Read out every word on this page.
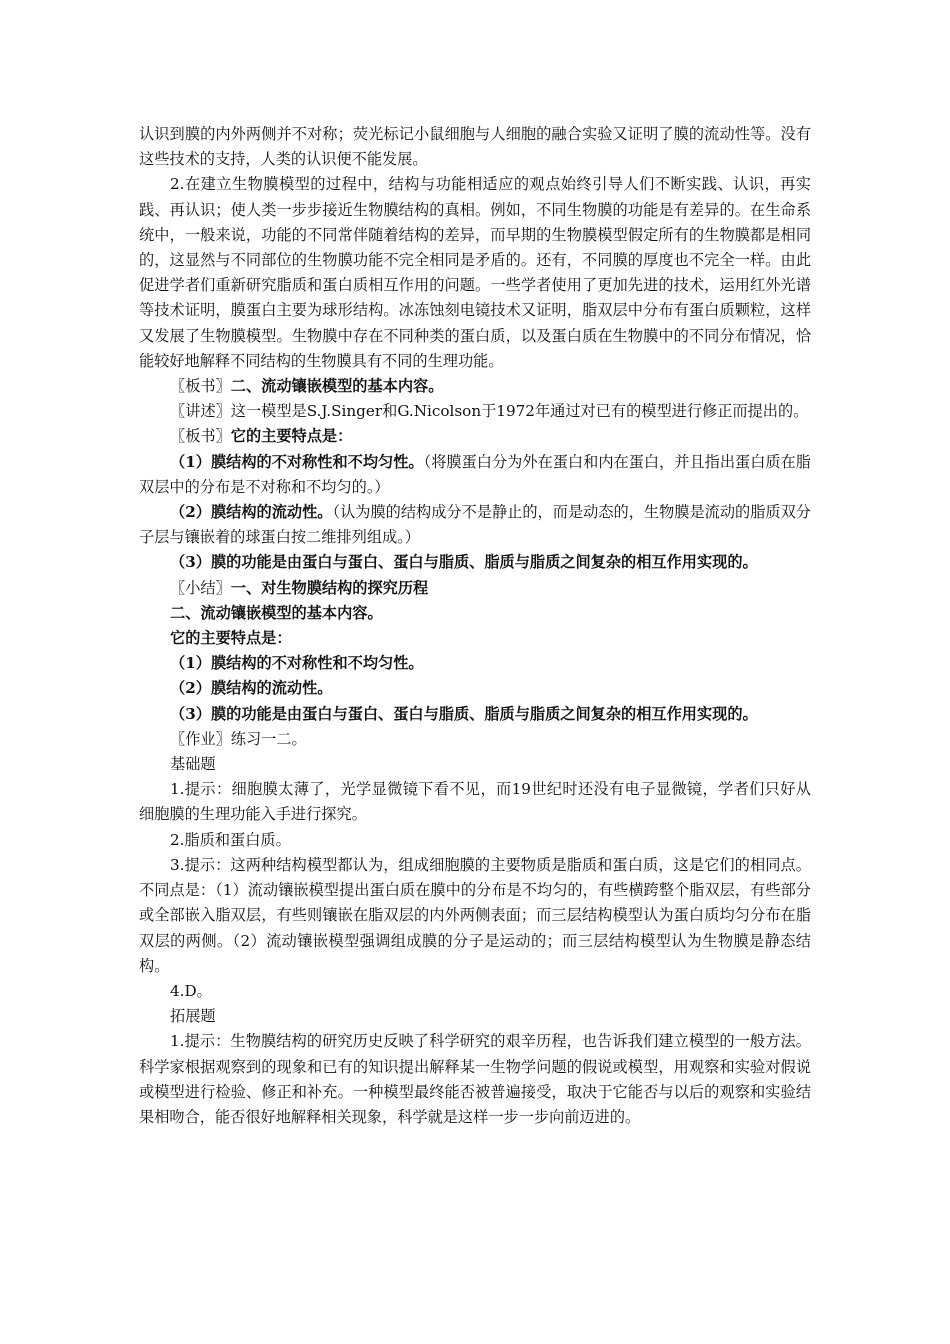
认识到膜的内外两侧并不对称；荧光标记小鼠细胞与人细胞的融合实验又证明了膜的流动性等。没有这些技术的支持，人类的认识便不能发展。

2.在建立生物膜模型的过程中，结构与功能相适应的观点始终引导人们不断实践、认识，再实践、再认识；使人类一步步接近生物膜结构的真相。例如，不同生物膜的功能是有差异的。在生命系统中，一般来说，功能的不同常伴随着结构的差异，而早期的生物膜模型假定所有的生物膜都是相同的，这显然与不同部位的生物膜功能不完全相同是矛盾的。还有，不同膜的厚度也不完全一样。由此促进学者们重新研究脂质和蛋白质相互作用的问题。一些学者使用了更加先进的技术，运用红外光谱等技术证明，膜蛋白主要为球形结构。冰冻蚀刻电镜技术又证明，脂双层中分布有蛋白质颗粒，这样又发展了生物膜模型。生物膜中存在不同种类的蛋白质，以及蛋白质在生物膜中的不同分布情况，恰能较好地解释不同结构的生物膜具有不同的生理功能。

〖板书〗二、流动镶嵌模型的基本内容。

〖讲述〗这一模型是S.J.Singer和G.Nicolson于1972年通过对已有的模型进行修正而提出的。

〖板书〗它的主要特点是：

（1）膜结构的不对称性和不均匀性。（将膜蛋白分为外在蛋白和内在蛋白，并且指出蛋白质在脂双层中的分布是不对称和不均匀的。）

（2）膜结构的流动性。（认为膜的结构成分不是静止的，而是动态的，生物膜是流动的脂质双分子层与镶嵌着的球蛋白按二维排列组成。）

（3）膜的功能是由蛋白与蛋白、蛋白与脂质、脂质与脂质之间复杂的相互作用实现的。

〖小结〗一、对生物膜结构的探究历程

二、流动镶嵌模型的基本内容。

它的主要特点是：

（1）膜结构的不对称性和不均匀性。

（2）膜结构的流动性。

（3）膜的功能是由蛋白与蛋白、蛋白与脂质、脂质与脂质之间复杂的相互作用实现的。

〖作业〗练习一二。

基础题

1.提示：细胞膜太薄了，光学显微镜下看不见，而19世纪时还没有电子显微镜，学者们只好从细胞膜的生理功能入手进行探究。

2.脂质和蛋白质。

3.提示：这两种结构模型都认为，组成细胞膜的主要物质是脂质和蛋白质，这是它们的相同点。不同点是：（1）流动镶嵌模型提出蛋白质在膜中的分布是不均匀的，有些横跨整个脂双层，有些部分或全部嵌入脂双层，有些则镶嵌在脂双层的内外两侧表面；而三层结构模型认为蛋白质均匀分布在脂双层的两侧。（2）流动镶嵌模型强调组成膜的分子是运动的；而三层结构模型认为生物膜是静态结构。

4.D。

拓展题

1.提示：生物膜结构的研究历史反映了科学研究的艰辛历程，也告诉我们建立模型的一般方法。科学家根据观察到的现象和已有的知识提出解释某一生物学问题的假说或模型，用观察和实验对假说或模型进行检验、修正和补充。一种模型最终能否被普遍接受，取决于它能否与以后的观察和实验结果相吻合，能否很好地解释相关现象，科学就是这样一步一步向前迈进的。
